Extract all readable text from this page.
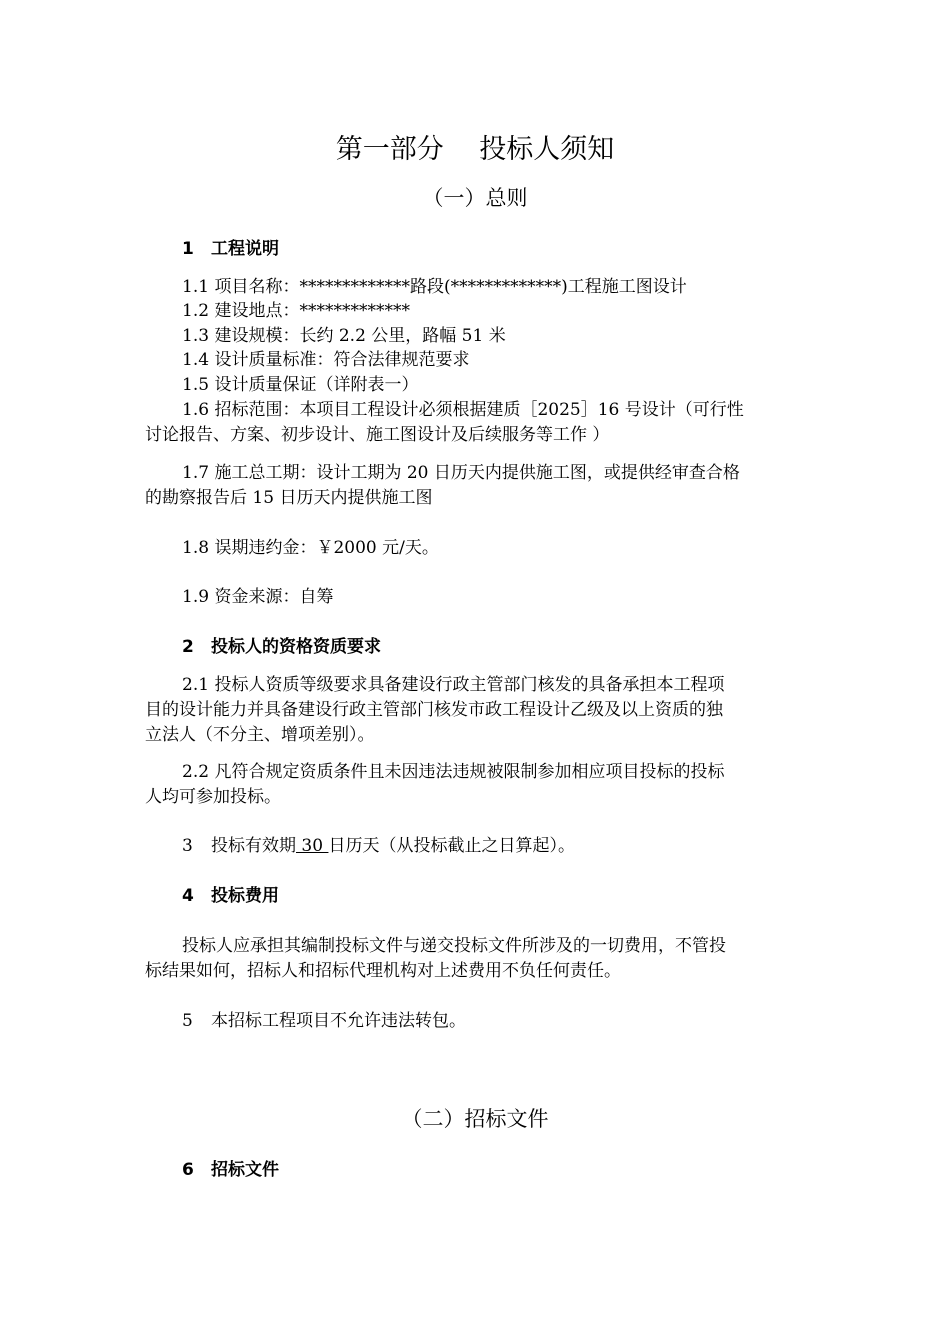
第一部分　 投标人须知
（一）总则
1 工程说明
1.1 项目名称：*************路段(*************)工程施工图设计
1.2 建设地点：*************
1.3 建设规模：长约 2.2 公里，路幅 51 米
1.4 设计质量标准：符合法律规范要求
1.5 设计质量保证（详附表一）
1.6 招标范围：本项目工程设计必须根据建质［2025］16 号设计（可行性
讨论报告、方案、初步设计、施工图设计及后续服务等工作 ）
1.7 施工总工期：设计工期为 20 日历天内提供施工图，或提供经审查合格
的勘察报告后 15 日历天内提供施工图
1.8 误期违约金：￥2000 元/天。
1.9 资金来源：自筹
2 投标人的资格资质要求
2.1 投标人资质等级要求具备建设行政主管部门核发的具备承担本工程项
目的设计能力并具备建设行政主管部门核发市政工程设计乙级及以上资质的独
立法人（不分主、增项差别）。
2.2 凡符合规定资质条件且未因违法违规被限制参加相应项目投标的投标
人均可参加投标。
3 投标有效期 30 日历天（从投标截止之日算起）。
4 投标费用
投标人应承担其编制投标文件与递交投标文件所涉及的一切费用，不管投
标结果如何，招标人和招标代理机构对上述费用不负任何责任。
5 本招标工程项目不允许违法转包。
（二）招标文件
6 招标文件
